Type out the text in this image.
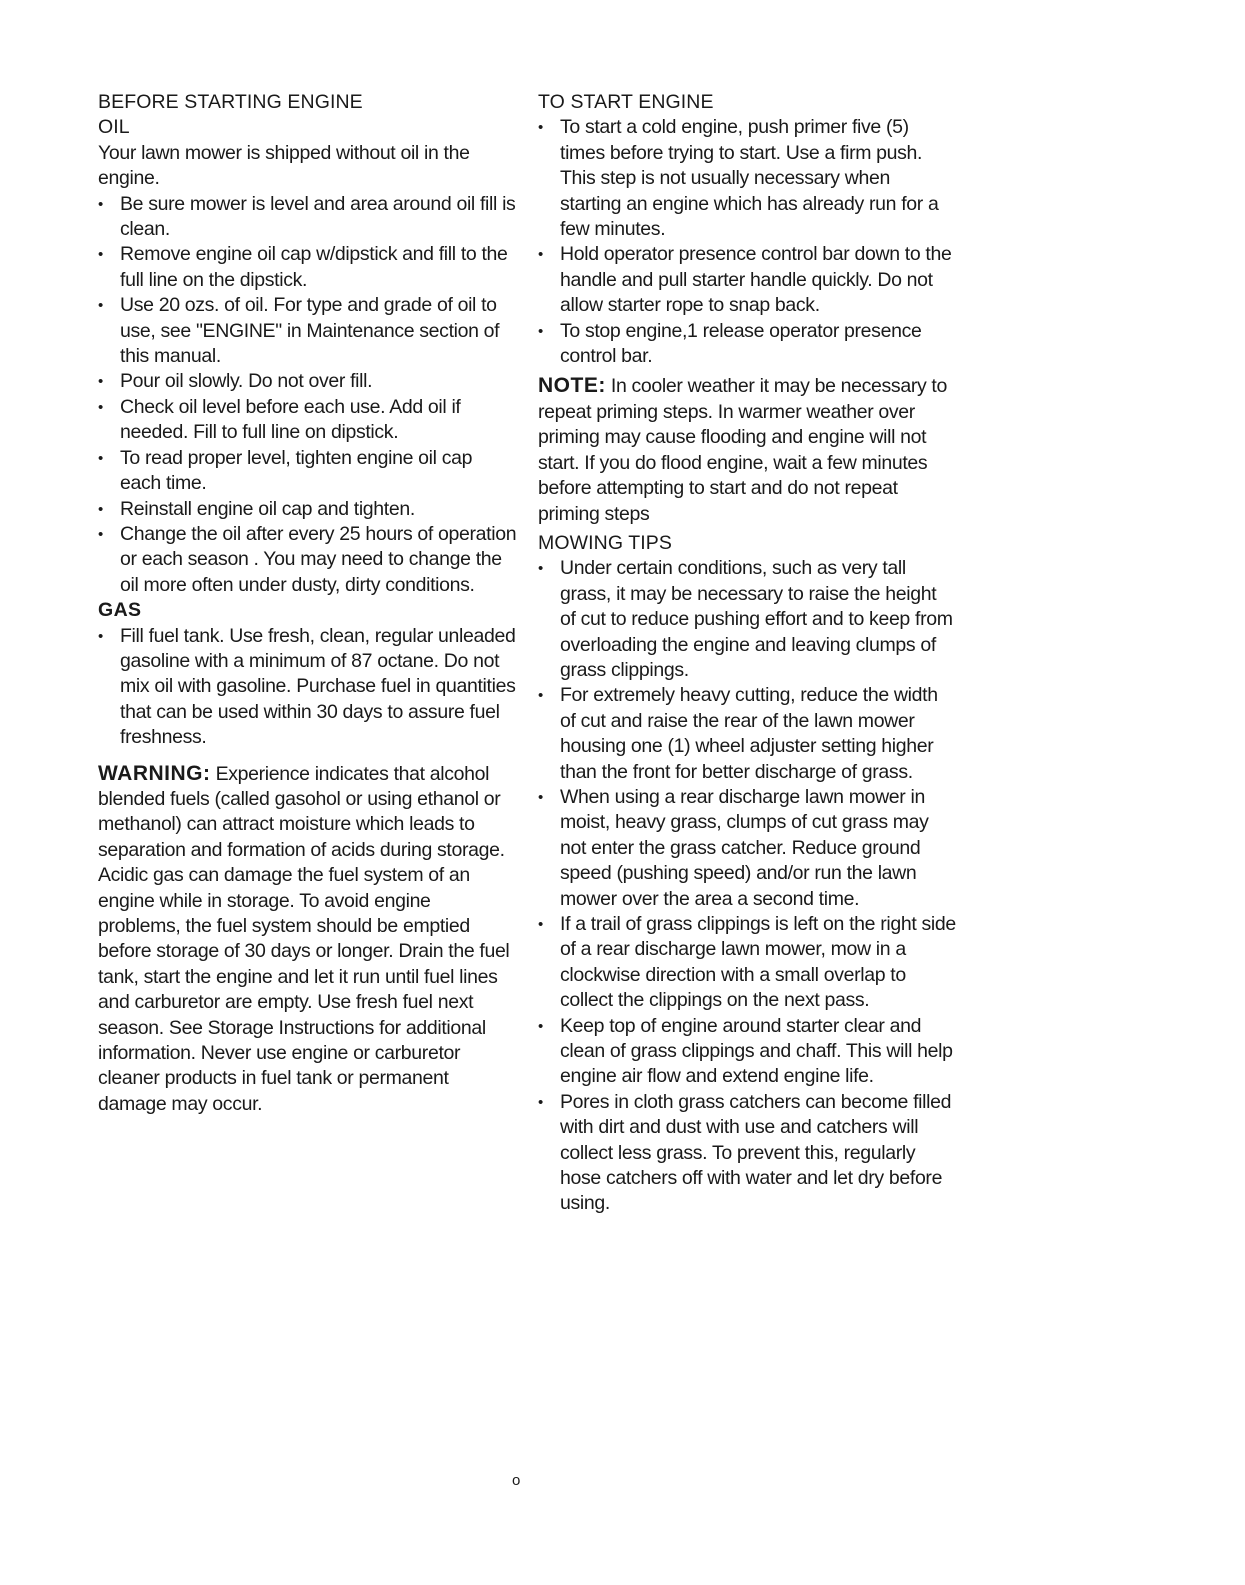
BEFORE STARTING ENGINE
OIL

Your lawn mower is shipped without oil in the engine.

• Be sure mower is level and area around oil fill is clean.
• Remove engine oil cap w/dipstick and fill to the full line on the dipstick.
• Use 20 ozs. of oil. For type and grade of oil to use, see "ENGINE" in Maintenance section of this manual.
• Pour oil slowly. Do not over fill.
• Check oil level before each use. Add oil if needed. Fill to full line on dipstick.
• To read proper level, tighten engine oil cap each time.
• Reinstall engine oil cap and tighten.
• Change the oil after every 25 hours of operation or each season . You may need to change the oil more often under dusty, dirty conditions.
GAS
• Fill fuel tank. Use fresh, clean, regular unleaded gasoline with a minimum of 87 octane. Do not mix oil with gasoline. Purchase fuel in quantities that can be used within 30 days to assure fuel freshness.

WARNING: Experience indicates that alcohol blended fuels (called gasohol or using ethanol or methanol) can attract moisture which leads to separation and formation of acids during storage. Acidic gas can damage the fuel system of an engine while in storage. To avoid engine problems, the fuel system should be emptied before storage of 30 days or longer. Drain the fuel tank, start the engine and let it run until fuel lines and carburetor are empty. Use fresh fuel next season. See Storage Instructions for additional information. Never use engine or carburetor cleaner products in fuel tank or permanent damage may occur.

TO START ENGINE
• To start a cold engine, push primer five (5) times before trying to start. Use a firm push. This step is not usually necessary when starting an engine which has already run for a few minutes.
• Hold operator presence control bar down to the handle and pull starter handle quickly. Do not allow starter rope to snap back.
• To stop engine,1 release operator presence control bar.

NOTE: In cooler weather it may be necessary to repeat priming steps. In warmer weather over priming may cause flooding and engine will not start. If you do flood engine, wait a few minutes before attempting to start and do not repeat priming steps

MOWING TIPS
• Under certain conditions, such as very tall grass, it may be necessary to raise the height of cut to reduce pushing effort and to keep from overloading the engine and leaving clumps of grass clippings.
• For extremely heavy cutting, reduce the width of cut and raise the rear of the lawn mower housing one (1) wheel adjuster setting higher than the front for better discharge of grass.
• When using a rear discharge lawn mower in moist, heavy grass, clumps of cut grass may not enter the grass catcher. Reduce ground speed (pushing speed) and/or run the lawn mower over the area a second time.
• If a trail of grass clippings is left on the right side of a rear discharge lawn mower, mow in a clockwise direction with a small overlap to collect the clippings on the next pass.
• Keep top of engine around starter clear and clean of grass clippings and chaff. This will help engine air flow and extend engine life.
• Pores in cloth grass catchers can become filled with dirt and dust with use and catchers will collect less grass. To prevent this, regularly hose catchers off with water and let dry before using.
o
